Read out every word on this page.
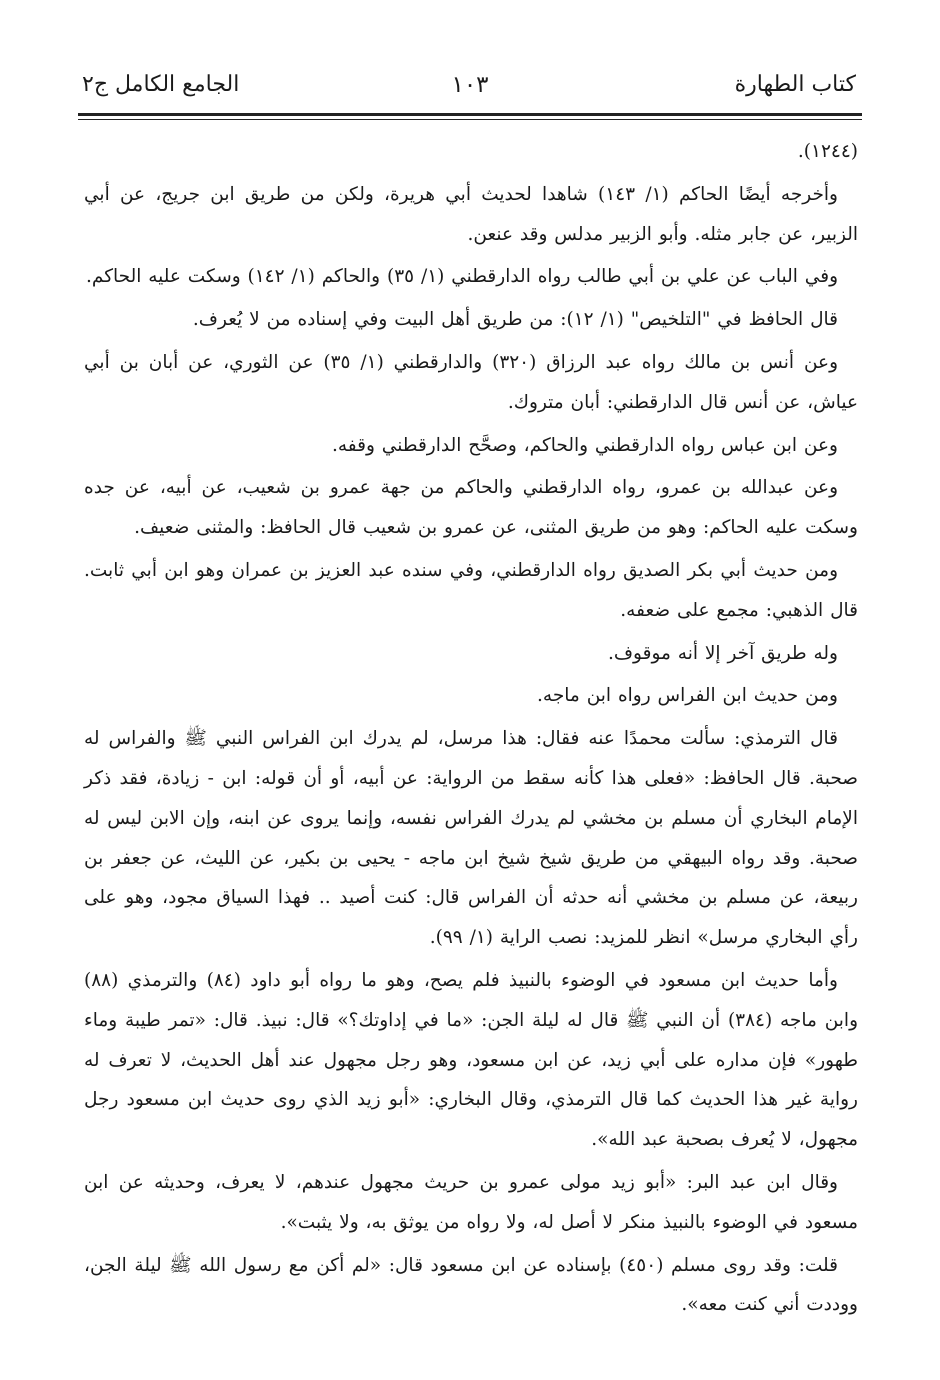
كتاب الطهارة
١٠٣
الجامع الكامل ج٢

(١٢٤٤).

وأخرجه أيضًا الحاكم (١/ ١٤٣) شاهدا لحديث أبي هريرة، ولكن من طريق ابن جريج، عن أبي الزبير، عن جابر مثله. وأبو الزبير مدلس وقد عنعن.

وفي الباب عن علي بن أبي طالب رواه الدارقطني (١/ ٣٥) والحاكم (١/ ١٤٢) وسكت عليه الحاكم.

قال الحافظ في "التلخيص" (١/ ١٢): من طريق أهل البيت وفي إسناده من لا يُعرف.

وعن أنس بن مالك رواه عبد الرزاق (٣٢٠) والدارقطني (١/ ٣٥) عن الثوري، عن أبان بن أبي عياش، عن أنس قال الدارقطني: أبان متروك.

وعن ابن عباس رواه الدارقطني والحاكم، وصحَّح الدارقطني وقفه.

وعن عبدالله بن عمرو، رواه الدارقطني والحاكم من جهة عمرو بن شعيب، عن أبيه، عن جده وسكت عليه الحاكم: وهو من طريق المثنى، عن عمرو بن شعيب قال الحافظ: والمثنى ضعيف.

ومن حديث أبي بكر الصديق رواه الدارقطني، وفي سنده عبد العزيز بن عمران وهو ابن أبي ثابت. قال الذهبي: مجمع على ضعفه.

وله طريق آخر إلا أنه موقوف.

ومن حديث ابن الفراس رواه ابن ماجه.

قال الترمذي: سألت محمدًا عنه فقال: هذا مرسل، لم يدرك ابن الفراس النبي ﷺ والفراس له صحبة. قال الحافظ: «فعلى هذا كأنه سقط من الرواية: عن أبيه، أو أن قوله: ابن - زيادة، فقد ذكر الإمام البخاري أن مسلم بن مخشي لم يدرك الفراس نفسه، وإنما يروى عن ابنه، وإن الابن ليس له صحبة. وقد رواه البيهقي من طريق شيخ شيخ ابن ماجه - يحيى بن بكير، عن الليث، عن جعفر بن ربيعة، عن مسلم بن مخشي أنه حدثه أن الفراس قال: كنت أصيد .. فهذا السياق مجود، وهو على رأي البخاري مرسل» انظر للمزيد: نصب الراية (١/ ٩٩).

وأما حديث ابن مسعود في الوضوء بالنبيذ فلم يصح، وهو ما رواه أبو داود (٨٤) والترمذي (٨٨) وابن ماجه (٣٨٤) أن النبي ﷺ قال له ليلة الجن: «ما في إداوتك؟» قال: نبيذ. قال: «تمر طيبة وماء طهور» فإن مداره على أبي زيد، عن ابن مسعود، وهو رجل مجهول عند أهل الحديث، لا تعرف له رواية غير هذا الحديث كما قال الترمذي، وقال البخاري: «أبو زيد الذي روى حديث ابن مسعود رجل مجهول، لا يُعرف بصحبة عبد الله».

وقال ابن عبد البر: «أبو زيد مولى عمرو بن حريث مجهول عندهم، لا يعرف، وحديثه عن ابن مسعود في الوضوء بالنبيذ منكر لا أصل له، ولا رواه من يوثق به، ولا يثبت».

قلت: وقد روى مسلم (٤٥٠) بإسناده عن ابن مسعود قال: «لم أكن مع رسول الله ﷺ ليلة الجن، ووددت أني كنت معه».
